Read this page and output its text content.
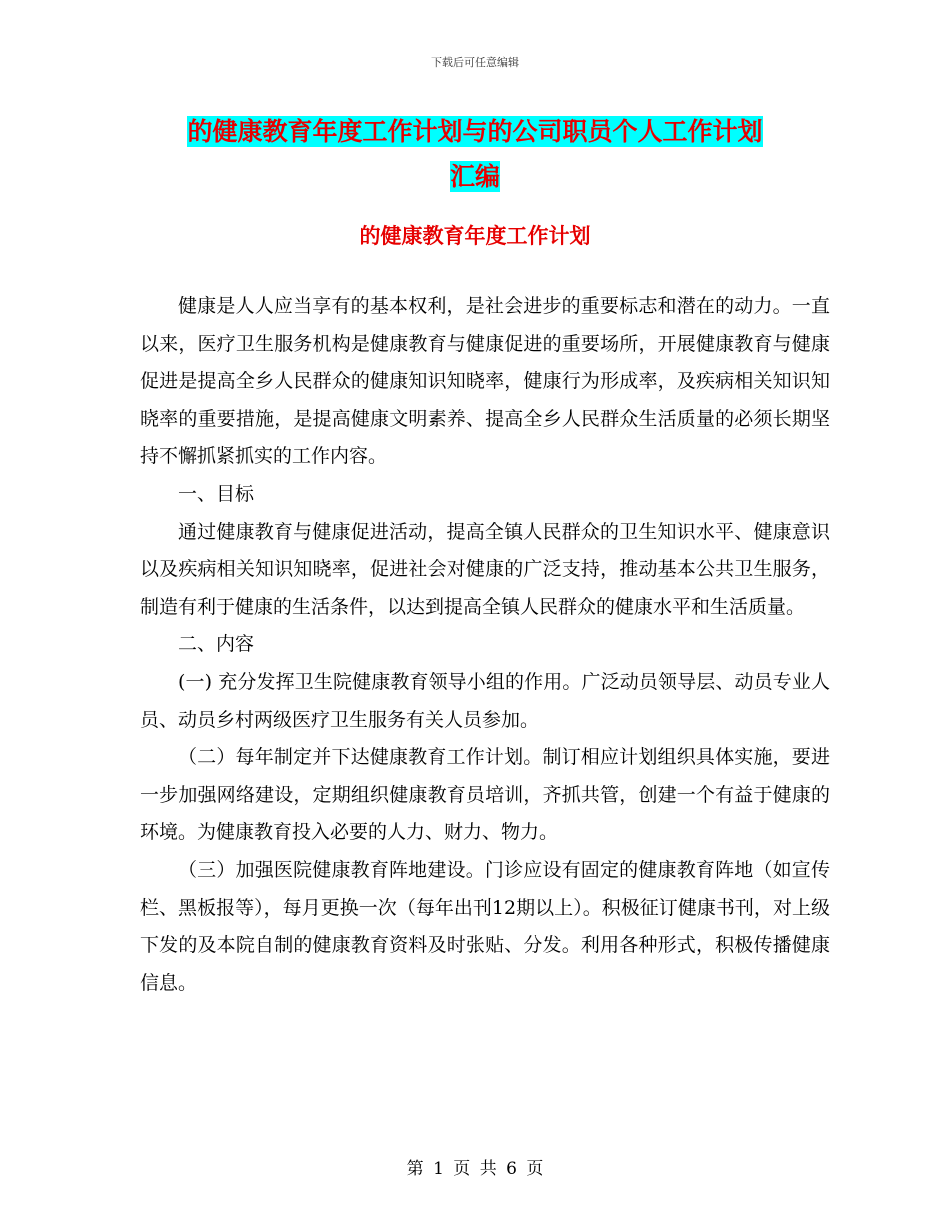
下载后可任意编辑
的健康教育年度工作计划与的公司职员个人工作计划
汇编
的健康教育年度工作计划

健康是人人应当享有的基本权利，是社会进步的重要标志和潜在的动力。一直以来，医疗卫生服务机构是健康教育与健康促进的重要场所，开展健康教育与健康促进是提高全乡人民群众的健康知识知晓率，健康行为形成率，及疾病相关知识知晓率的重要措施，是提高健康文明素养、提高全乡人民群众生活质量的必须长期坚持不懈抓紧抓实的工作内容。

一、目标

通过健康教育与健康促进活动，提高全镇人民群众的卫生知识水平、健康意识以及疾病相关知识知晓率，促进社会对健康的广泛支持，推动基本公共卫生服务，制造有利于健康的生活条件，以达到提高全镇人民群众的健康水平和生活质量。

二、内容

(一) 充分发挥卫生院健康教育领导小组的作用。广泛动员领导层、动员专业人员、动员乡村两级医疗卫生服务有关人员参加。

（二）每年制定并下达健康教育工作计划。制订相应计划组织具体实施，要进一步加强网络建设，定期组织健康教育员培训，齐抓共管，创建一个有益于健康的环境。为健康教育投入必要的人力、财力、物力。

（三）加强医院健康教育阵地建设。门诊应设有固定的健康教育阵地（如宣传栏、黑板报等），每月更换一次（每年出刊12期以上）。积极征订健康书刊，对上级下发的及本院自制的健康教育资料及时张贴、分发。利用各种形式，积极传播健康信息。

第 1 页 共 6 页
